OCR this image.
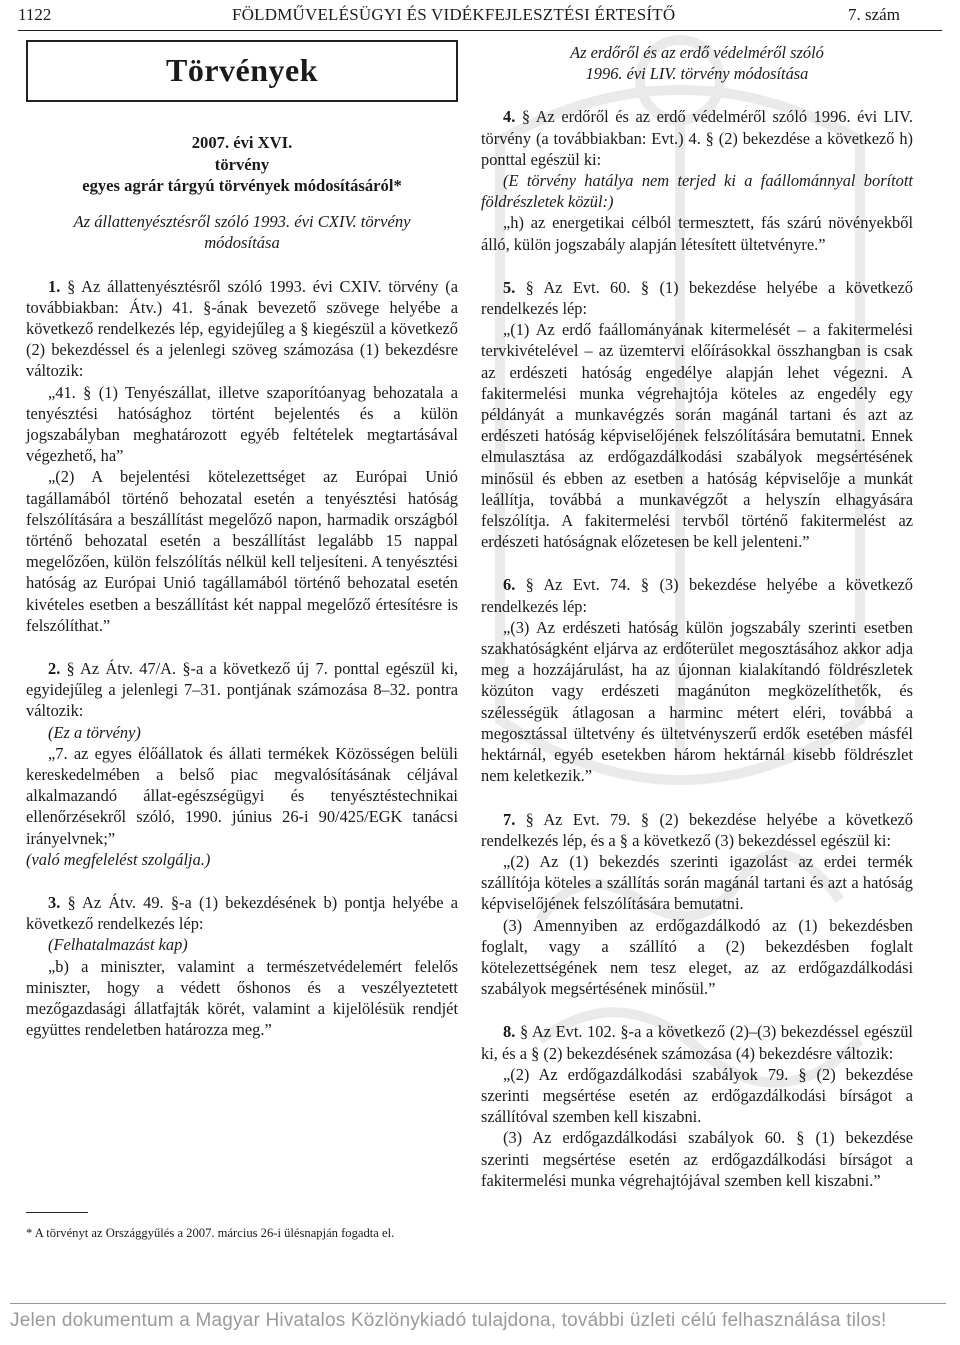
1122	FÖLDMŰVELÉSÜGYI ÉS VIDÉKFEJLESZTÉSI ÉRTESÍTŐ	7. szám
Törvények
2007. évi XVI.
törvény
egyes agrár tárgyú törvények módosításáról*
Az állattenyésztésről szóló 1993. évi CXIV. törvény
módosítása

1. § Az állattenyésztésről szóló 1993. évi CXIV. törvény (a továbbiakban: Átv.) 41. §-ának bevezető szövege helyébe a következő rendelkezés lép, egyidejűleg a § kiegészül a következő (2) bekezdéssel és a jelenlegi szöveg számozása (1) bekezdésre változik:

„41. § (1) Tenyészállat, illetve szaporítóanyag behozatala a tenyésztési hatósághoz történt bejelentés és a külön jogszabályban meghatározott egyéb feltételek megtartásával végezhető, ha”

„(2) A bejelentési kötelezettséget az Európai Unió tagállamából történő behozatal esetén a tenyésztési hatóság felszólítására a beszállítást megelőző napon, harmadik országból történő behozatal esetén a beszállítást legalább 15 nappal megelőzően, külön felszólítás nélkül kell teljesíteni. A tenyésztési hatóság az Európai Unió tagállamából történő behozatal esetén kivételes esetben a beszállítást két nappal megelőző értesítésre is felszólíthat.”

2. § Az Átv. 47/A. §-a a következő új 7. ponttal egészül ki, egyidejűleg a jelenlegi 7–31. pontjának számozása 8–32. pontra változik:

(Ez a törvény)

„7. az egyes élőállatok és állati termékek Közösségen belüli kereskedelmében a belső piac megvalósításának céljával alkalmazandó állat-egészségügyi és tenyésztéstechnikai ellenőrzésekről szóló, 1990. június 26-i 90/425/EGK tanácsi irányelvnek;”

(való megfelelést szolgálja.)

3. § Az Átv. 49. §-a (1) bekezdésének b) pontja helyébe a következő rendelkezés lép:

(Felhatalmazást kap)

„b) a miniszter, valamint a természetvédelemért felelős miniszter, hogy a védett őshonos és a veszélyeztetett mezőgazdasági állatfajták körét, valamint a kijelölésük rendjét együttes rendeletben határozza meg.”

* A törvényt az Országgyűlés a 2007. március 26-i ülésnapján fogadta el.
Az erdőről és az erdő védelméről szóló
1996. évi LIV. törvény módosítása

4. § Az erdőről és az erdő védelméről szóló 1996. évi LIV. törvény (a továbbiakban: Evt.) 4. § (2) bekezdése a következő h) ponttal egészül ki:

(E törvény hatálya nem terjed ki a faállománnyal borított földrészletek közül:)

„h) az energetikai célból termesztett, fás szárú növényekből álló, külön jogszabály alapján létesített ültetvényre.”

5. § Az Evt. 60. § (1) bekezdése helyébe a következő rendelkezés lép:

„(1) Az erdő faállományának kitermelését – a fakitermelési tervkivételével – az üzemtervi előírásokkal összhangban is csak az erdészeti hatóság engedélye alapján lehet végezni. A fakitermelési munka végrehajtója köteles az engedély egy példányát a munkavégzés során magánál tartani és azt az erdészeti hatóság képviselőjének felszólítására bemutatni. Ennek elmulasztása az erdőgazdálkodási szabályok megsértésének minősül és ebben az esetben a hatóság képviselője a munkát leállítja, továbbá a munkavégzőt a helyszín elhagyására felszólítja. A fakitermelési tervből történő fakitermelést az erdészeti hatóságnak előzetesen be kell jelenteni.”

6. § Az Evt. 74. § (3) bekezdése helyébe a következő rendelkezés lép:

„(3) Az erdészeti hatóság külön jogszabály szerinti esetben szakhatóságként eljárva az erdőterület megosztásához akkor adja meg a hozzájárulást, ha az újonnan kialakítandó földrészletek közúton vagy erdészeti magánúton megközelíthetők, és szélességük átlagosan a harminc métert eléri, továbbá a megosztással ültetvény és ültetvényszerű erdők esetében másfél hektárnál, egyéb esetekben három hektárnál kisebb földrészlet nem keletkezik.”

7. § Az Evt. 79. § (2) bekezdése helyébe a következő rendelkezés lép, és a § a következő (3) bekezdéssel egészül ki:

„(2) Az (1) bekezdés szerinti igazolást az erdei termék szállítója köteles a szállítás során magánál tartani és azt a hatóság képviselőjének felszólítására bemutatni.

(3) Amennyiben az erdőgazdálkodó az (1) bekezdésben foglalt, vagy a szállító a (2) bekezdésben foglalt kötelezettségének nem tesz eleget, az az erdőgazdálkodási szabályok megsértésének minősül.”

8. § Az Evt. 102. §-a a következő (2)–(3) bekezdéssel egészül ki, és a § (2) bekezdésének számozása (4) bekezdésre változik:

„(2) Az erdőgazdálkodási szabályok 79. § (2) bekezdése szerinti megsértése esetén az erdőgazdálkodási bírságot a szállítóval szemben kell kiszabni.

(3) Az erdőgazdálkodási szabályok 60. § (1) bekezdése szerinti megsértése esetén az erdőgazdálkodási bírságot a fakitermelési munka végrehajtójával szemben kell kiszabni.”

Jelen dokumentum a Magyar Hivatalos Közlönykiadó tulajdona, további üzleti célú felhasználása tilos!
